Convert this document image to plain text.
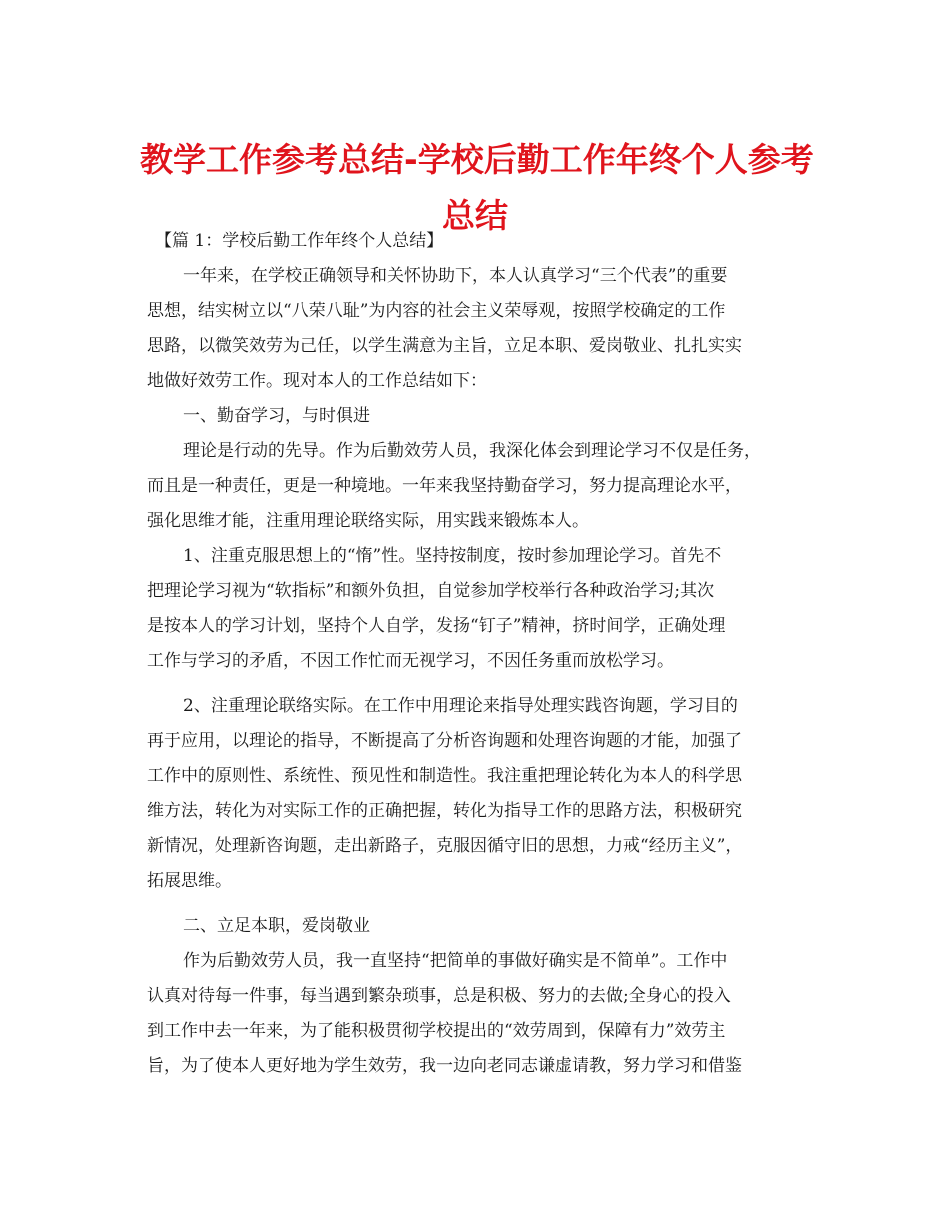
教学工作参考总结-学校后勤工作年终个人参考
总结
【篇 1：学校后勤工作年终个人总结】
一年来，在学校正确领导和关怀协助下，本人认真学习“三个代表”的重要
思想，结实树立以“八荣八耻”为内容的社会主义荣辱观，按照学校确定的工作
思路，以微笑效劳为己任，以学生满意为主旨，立足本职、爱岗敬业、扎扎实实
地做好效劳工作。现对本人的工作总结如下：
一、勤奋学习，与时俱进
理论是行动的先导。作为后勤效劳人员，我深化体会到理论学习不仅是任务，
而且是一种责任，更是一种境地。一年来我坚持勤奋学习，努力提高理论水平，
强化思维才能，注重用理论联络实际，用实践来锻炼本人。
1、注重克服思想上的“惰”性。坚持按制度，按时参加理论学习。首先不
把理论学习视为“软指标”和额外负担，自觉参加学校举行各种政治学习;其次
是按本人的学习计划，坚持个人自学，发扬“钉子”精神，挤时间学，正确处理
工作与学习的矛盾，不因工作忙而无视学习，不因任务重而放松学习。
2、注重理论联络实际。在工作中用理论来指导处理实践咨询题，学习目的
再于应用，以理论的指导，不断提高了分析咨询题和处理咨询题的才能，加强了
工作中的原则性、系统性、预见性和制造性。我注重把理论转化为本人的科学思
维方法，转化为对实际工作的正确把握，转化为指导工作的思路方法，积极研究
新情况，处理新咨询题，走出新路子，克服因循守旧的思想，力戒“经历主义”，
拓展思维。
二、立足本职，爱岗敬业
作为后勤效劳人员，我一直坚持“把简单的事做好确实是不简单”。工作中
认真对待每一件事，每当遇到繁杂琐事，总是积极、努力的去做;全身心的投入
到工作中去一年来，为了能积极贯彻学校提出的“效劳周到，保障有力”效劳主
旨，为了使本人更好地为学生效劳，我一边向老同志谦虚请教，努力学习和借鉴
